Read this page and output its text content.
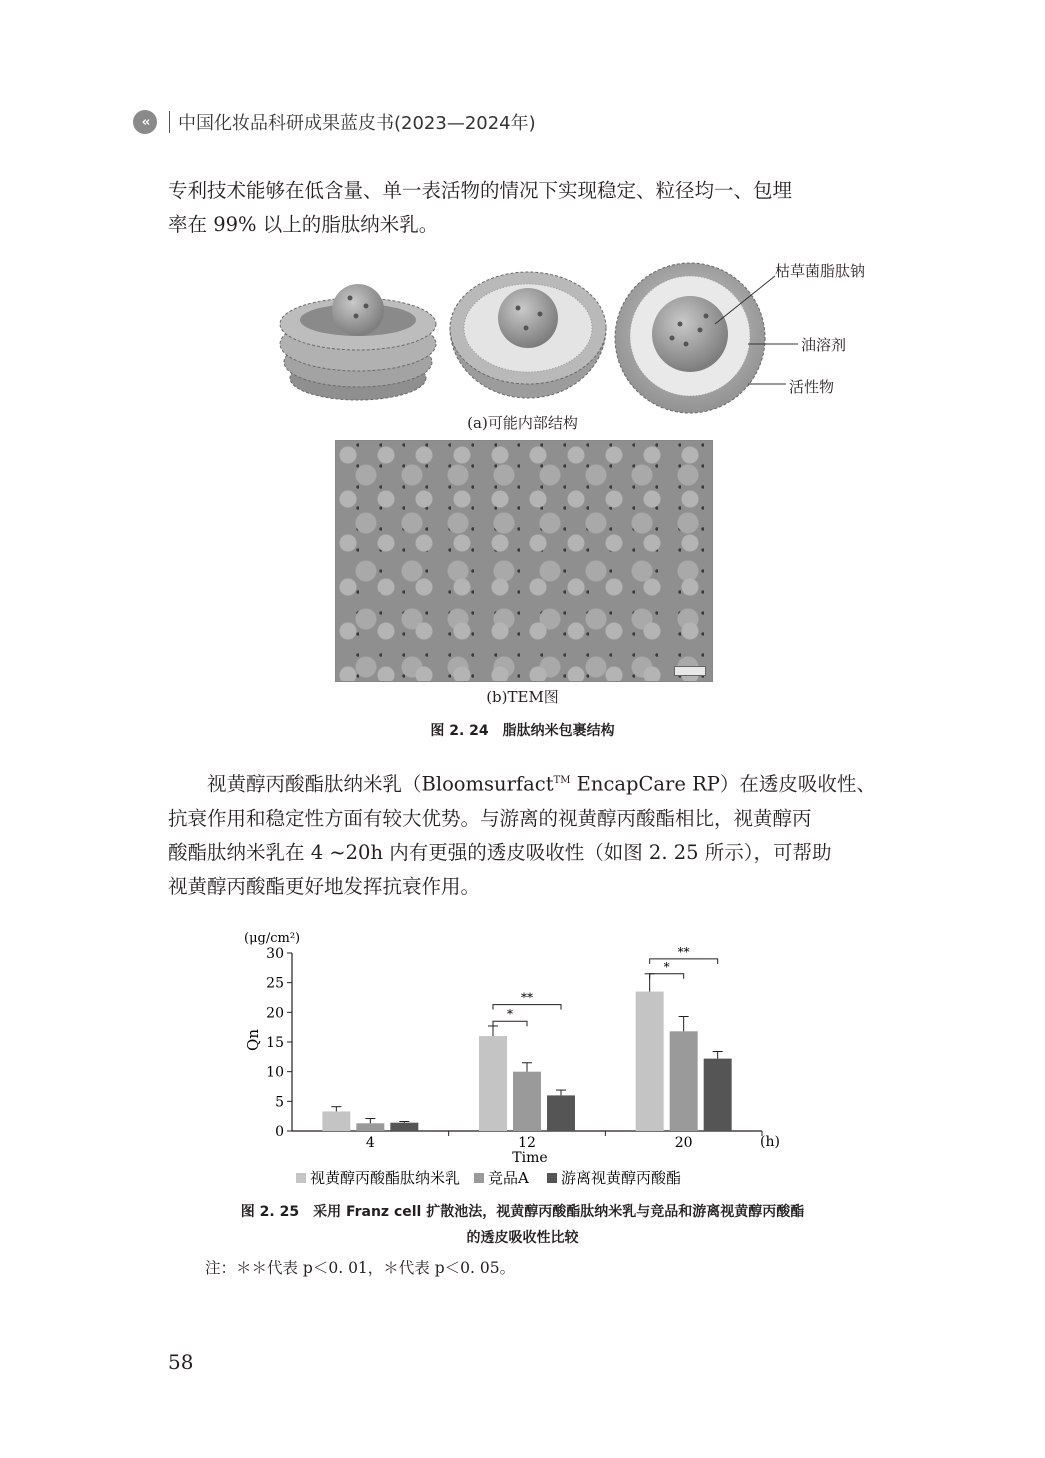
‹‹	中国化妆品科研成果蓝皮书(2023—2024年)

专利技术能够在低含量、单一表活物的情况下实现稳定、粒径均一、包埋

率在 99% 以上的脂肽纳米乳。

枯草菌脂肽钠
油溶剂
活性物
(a)可能内部结构
(b)TEM图
图 2. 24　脂肽纳米包裹结构

视黄醇丙酸酯肽纳米乳（Bloomsurfact™ EncapCare RP）在透皮吸收性、

抗衰作用和稳定性方面有较大优势。与游离的视黄醇丙酸酯相比，视黄醇丙

酸酯肽纳米乳在 4 ~20h 内有更强的透皮吸收性（如图 2. 25 所示），可帮助

视黄醇丙酸酯更好地发挥抗衰作用。

(μg/cm²)
Qn
0
5
10
15
20
25
30
4	12	20
*
**
*
**
(h)
Time
视黄醇丙酸酯肽纳米乳 竞品A 游离视黄醇丙酸酯
图 2. 25　采用 Franz cell 扩散池法，视黄醇丙酸酯肽纳米乳与竞品和游离视黄醇丙酸酯
的透皮吸收性比较
注：＊＊代表 p＜0. 01，＊代表 p＜0. 05。
58
